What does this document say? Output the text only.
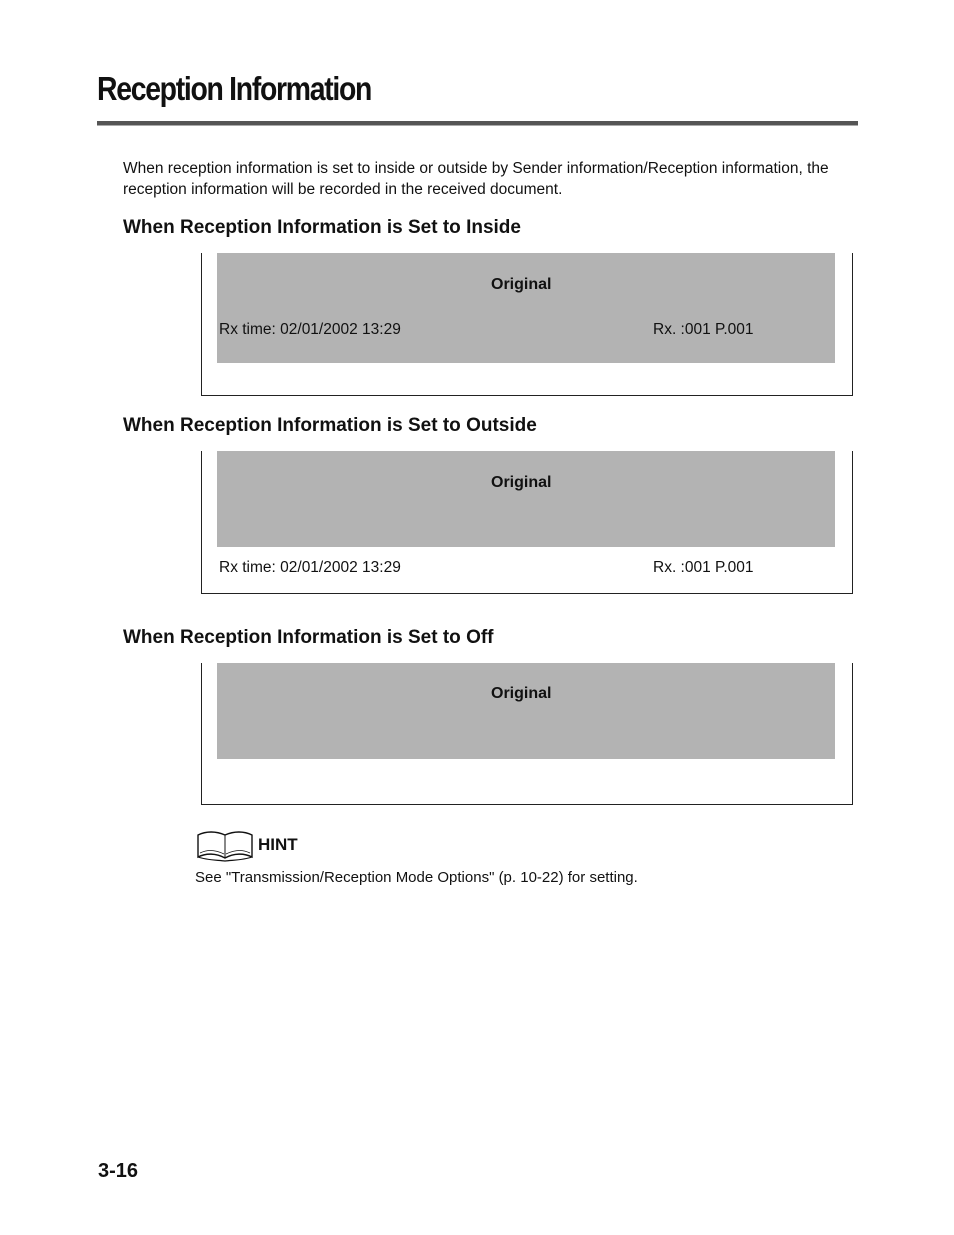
Reception Information

When reception information is set to inside or outside by Sender information/Reception information, the reception information will be recorded in the received document.

When Reception Information is Set to Inside
Original
Rx time: 02/01/2002 13:29	Rx. :001 P.001
When Reception Information is Set to Outside
Original
Rx time: 02/01/2002 13:29	Rx. :001 P.001
When Reception Information is Set to Off
Original
HINT

See "Transmission/Reception Mode Options" (p. 10-22) for setting.

3-16
